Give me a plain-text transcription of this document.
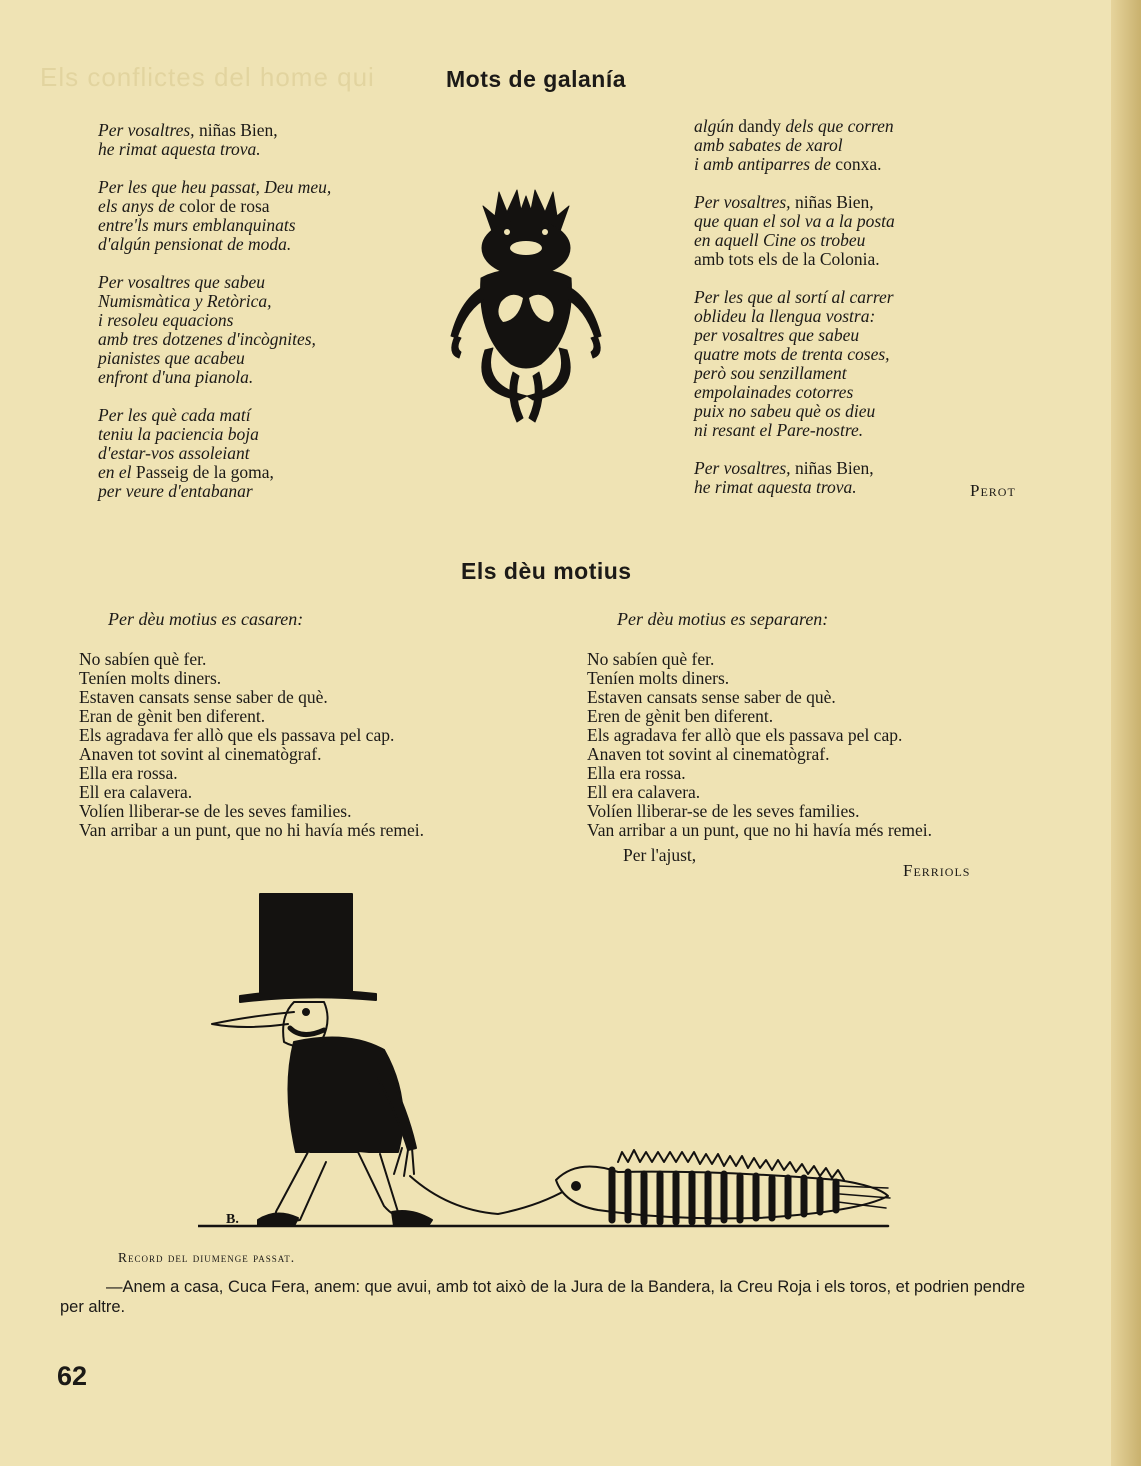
Els conflictes del home qui	Mots de galanía
Per vosaltres, niñas Bien,
he rimat aquesta trova.
Per les que heu passat, Deu meu,
els anys de color de rosa
entre'ls murs emblanquinats
d'algún pensionat de moda.
Per vosaltres que sabeu
Numismàtica y Retòrica,
i resoleu equacions
amb tres dotzenes d'incògnites,
pianistes que acabeu
enfront d'una pianola.
Per les què cada matí
teniu la paciencia boja
d'estar-vos assoleiant
en el Passeig de la goma,
per veure d'entabanar
algún dandy dels que corren
amb sabates de xarol
i amb antiparres de conxa.
Per vosaltres, niñas Bien,
que quan el sol va a la posta
en aquell Cine os trobeu
amb tots els de la Colonia.
Per les que al sortí al carrer
oblideu la llengua vostra:
per vosaltres que sabeu
quatre mots de trenta coses,
però sou senzillament
empolainades cotorres
puix no sabeu què os dieu
ni resant el Pare-nostre.
Per vosaltres, niñas Bien,
he rimat aquesta trova.	Perot
Els dèu motius
Per dèu motius es casaren:	Per dèu motius es separaren:
No sabíen què fer.
Teníen molts diners.
Estaven cansats sense saber de què.
Eran de gènit ben diferent.
Els agradava fer allò que els passava pel cap.
Anaven tot sovint al cinematògraf.
Ella era rossa.
Ell era calavera.
Volíen lliberar-se de les seves families.
Van arribar a un punt, que no hi havía més remei.
No sabíen què fer.
Teníen molts diners.
Estaven cansats sense saber de què.
Eren de gènit ben diferent.
Els agradava fer allò que els passava pel cap.
Anaven tot sovint al cinematògraf.
Ella era rossa.
Ell era calavera.
Volíen lliberar-se de les seves families.
Van arribar a un punt, que no hi havía més remei.
Per l'ajust,
Ferriols
B.
Record del diumenge passat.
—Anem a casa, Cuca Fera, anem: que avui, amb tot això de la Jura de la Bandera, la Creu Roja i els toros, et podrien pendre per altre.
62
